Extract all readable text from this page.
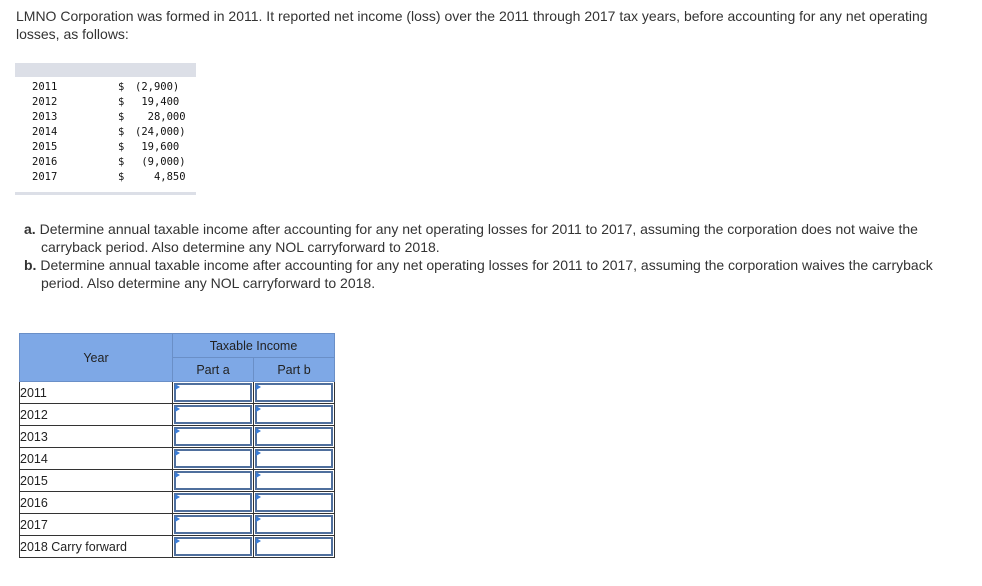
LMNO Corporation was formed in 2011. It reported net income (loss) over the 2011 through 2017 tax years, before accounting for any net operating losses, as follows:
2011	$ (2,900)
2012	$ 19,400
2013	$ 28,000
2014	$ (24,000)
2015	$ 19,600
2016	$ (9,000)
2017	$ 4,850

a. Determine annual taxable income after accounting for any net operating losses for 2011 to 2017, assuming the corporation does not waive the carryback period. Also determine any NOL carryforward to 2018.

b. Determine annual taxable income after accounting for any net operating losses for 2011 to 2017, assuming the corporation waives the carryback period. Also determine any NOL carryforward to 2018.

Year	Taxable Income	
	Part a	Part b
2011	

2012	

2013	

2014	

2015	

2016	

2017	

2018 Carry forward	
